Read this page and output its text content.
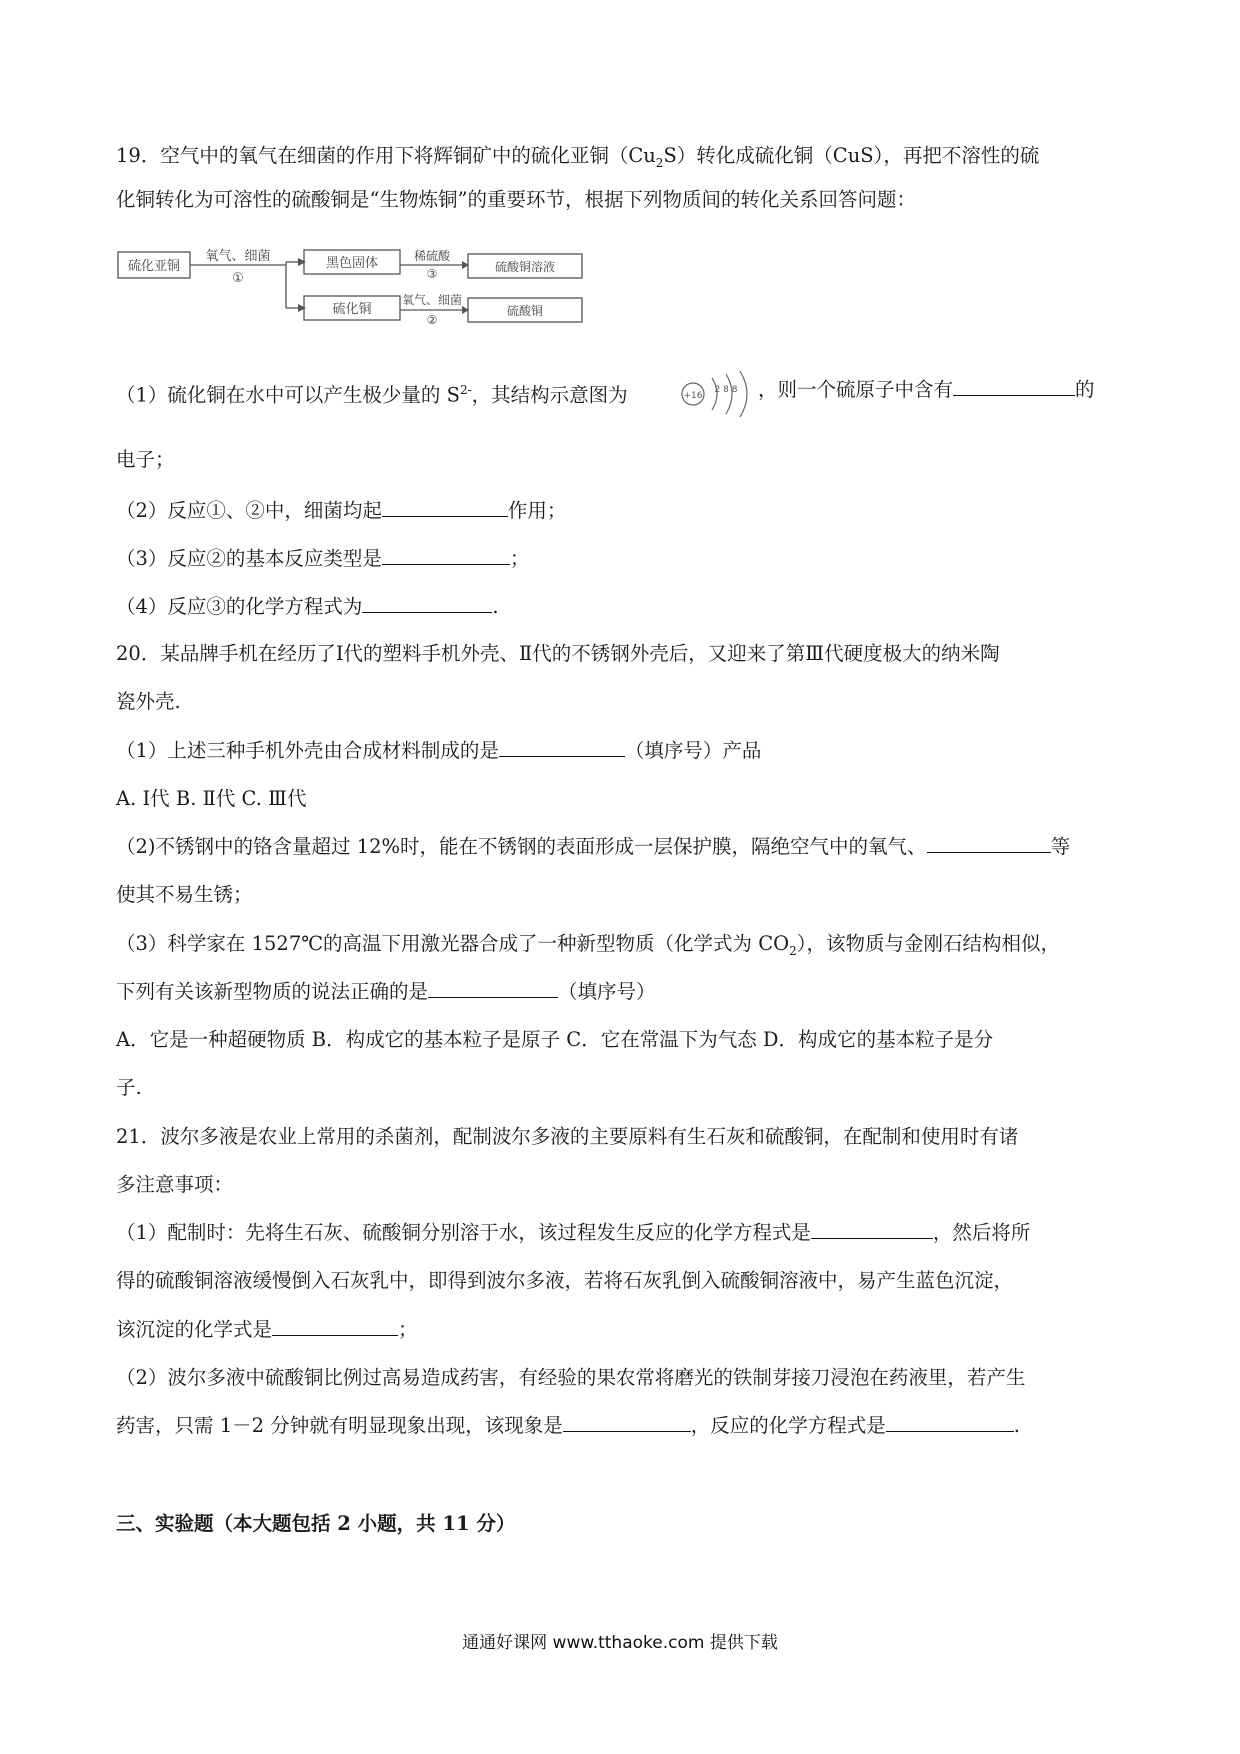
19．空气中的氧气在细菌的作用下将辉铜矿中的硫化亚铜$(Cu_2S)$转化成硫化铜（CuS），再把不溶性的硫
化铜转化为可溶性的硫酸铜是“生物炼铜”的重要环节，根据下列物质间的转化关系回答问题：
硫化亚铜
氧气、细菌
①
黑色固体	稀硫酸
③	硫酸铜溶液
硫化铜
氧气、细菌
②
硫酸铜
（1）硫化铜在水中可以产生极少量的 $S^{2-}$，其结构示意图为	+16
2 8 8 ，则一个硫原子中含有	的
电子；
（2）反应①、②中，细菌均起	作用；
（3）反应②的基本反应类型是	；
（4）反应③的化学方程式为	.
20．某品牌手机在经历了Ⅰ代的塑料手机外壳、Ⅱ代的不锈钢外壳后，又迎来了第Ⅲ代硬度极大的纳米陶
瓷外壳.
（1）上述三种手机外壳由合成材料制成的是	（填序号）产品
A. Ⅰ代 B. Ⅱ代 C. Ⅲ代
（2)不锈钢中的铬含量超过 12%时，能在不锈钢的表面形成一层保护膜，隔绝空气中的氧气、	等
使其不易生锈；
（3）科学家在 1527℃的高温下用激光器合成了一种新型物质（化学式为 $CO_2$），该物质与金刚石结构相似，
下列有关该新型物质的说法正确的是	（填序号）
A．它是一种超硬物质 B．构成它的基本粒子是原子 C．它在常温下为气态 D．构成它的基本粒子是分
子.
21．波尔多液是农业上常用的杀菌剂，配制波尔多液的主要原料有生石灰和硫酸铜，在配制和使用时有诸
多注意事项：
（1）配制时：先将生石灰、硫酸铜分别溶于水，该过程发生反应的化学方程式是	，然后将所
得的硫酸铜溶液缓慢倒入石灰乳中，即得到波尔多液，若将石灰乳倒入硫酸铜溶液中，易产生蓝色沉淀，
该沉淀的化学式是	；
（2）波尔多液中硫酸铜比例过高易造成药害，有经验的果农常将磨光的铁制芽接刀浸泡在药液里，若产生
药害，只需 1－2 分钟就有明显现象出现，该现象是	，反应的化学方程式是	.
三、实验题（本大题包括 2 小题，共 11 分）
通通好课网 www.tthaoke.com 提供下载
